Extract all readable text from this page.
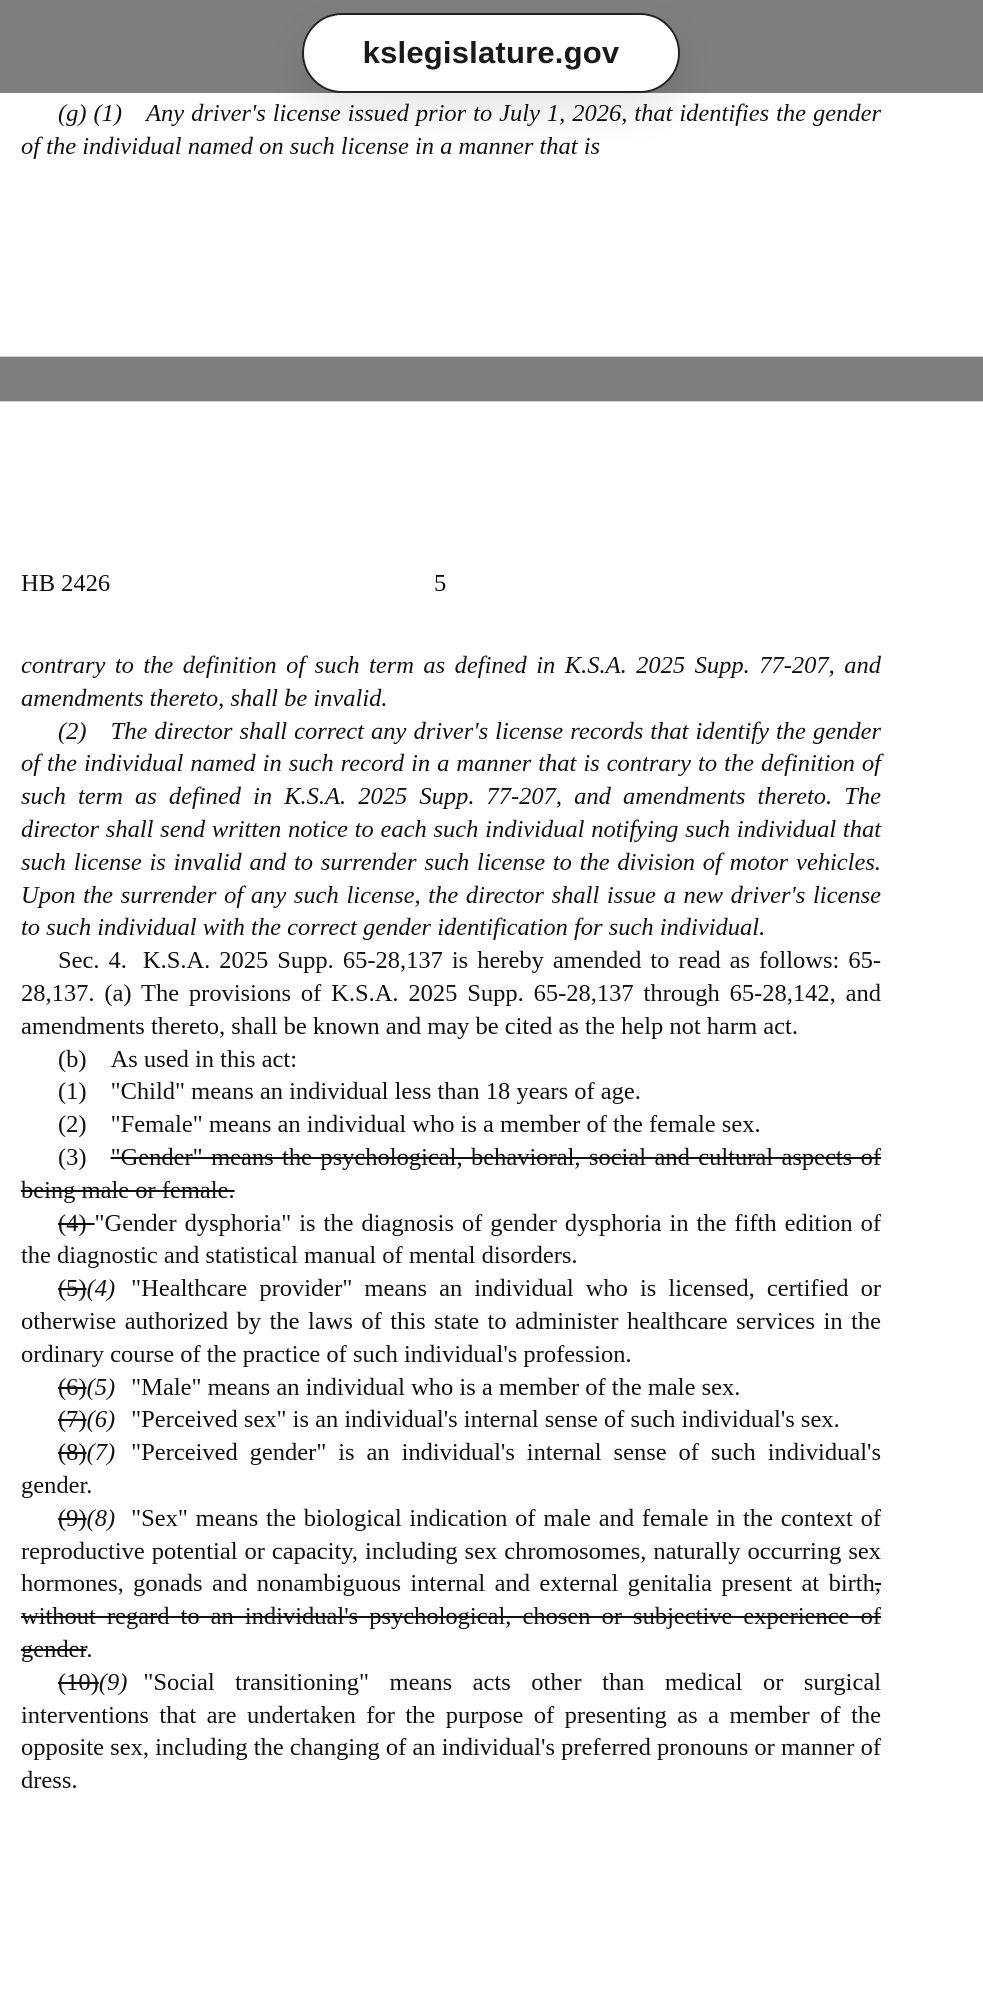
kslegislature.gov

(g) (1) Any driver's license issued prior to July 1, 2026, that identifies the gender of the individual named on such license in a manner that is

HB 2426	5

contrary to the definition of such term as defined in K.S.A. 2025 Supp. 77-207, and amendments thereto, shall be invalid.

(2) The director shall correct any driver's license records that identify the gender of the individual named in such record in a manner that is contrary to the definition of such term as defined in K.S.A. 2025 Supp. 77-207, and amendments thereto. The director shall send written notice to each such individual notifying such individual that such license is invalid and to surrender such license to the division of motor vehicles. Upon the surrender of any such license, the director shall issue a new driver's license to such individual with the correct gender identification for such individual.

Sec. 4. K.S.A. 2025 Supp. 65-28,137 is hereby amended to read as follows: 65-28,137. (a) The provisions of K.S.A. 2025 Supp. 65-28,137 through 65-28,142, and amendments thereto, shall be known and may be cited as the help not harm act.

(b) As used in this act:

(1) "Child" means an individual less than 18 years of age.

(2) "Female" means an individual who is a member of the female sex.

(3) "Gender" means the psychological, behavioral, social and cultural aspects of being male or female.

(4) "Gender dysphoria" is the diagnosis of gender dysphoria in the fifth edition of the diagnostic and statistical manual of mental disorders.

(5)(4) "Healthcare provider" means an individual who is licensed, certified or otherwise authorized by the laws of this state to administer healthcare services in the ordinary course of the practice of such individual's profession.

(6)(5) "Male" means an individual who is a member of the male sex.

(7)(6) "Perceived sex" is an individual's internal sense of such individual's sex.

(8)(7) "Perceived gender" is an individual's internal sense of such individual's gender.

(9)(8) "Sex" means the biological indication of male and female in the context of reproductive potential or capacity, including sex chromosomes, naturally occurring sex hormones, gonads and nonambiguous internal and external genitalia present at birth, without regard to an individual's psychological, chosen or subjective experience of gender.

(10)(9) "Social transitioning" means acts other than medical or surgical interventions that are undertaken for the purpose of presenting as a member of the opposite sex, including the changing of an individual's preferred pronouns or manner of dress.
